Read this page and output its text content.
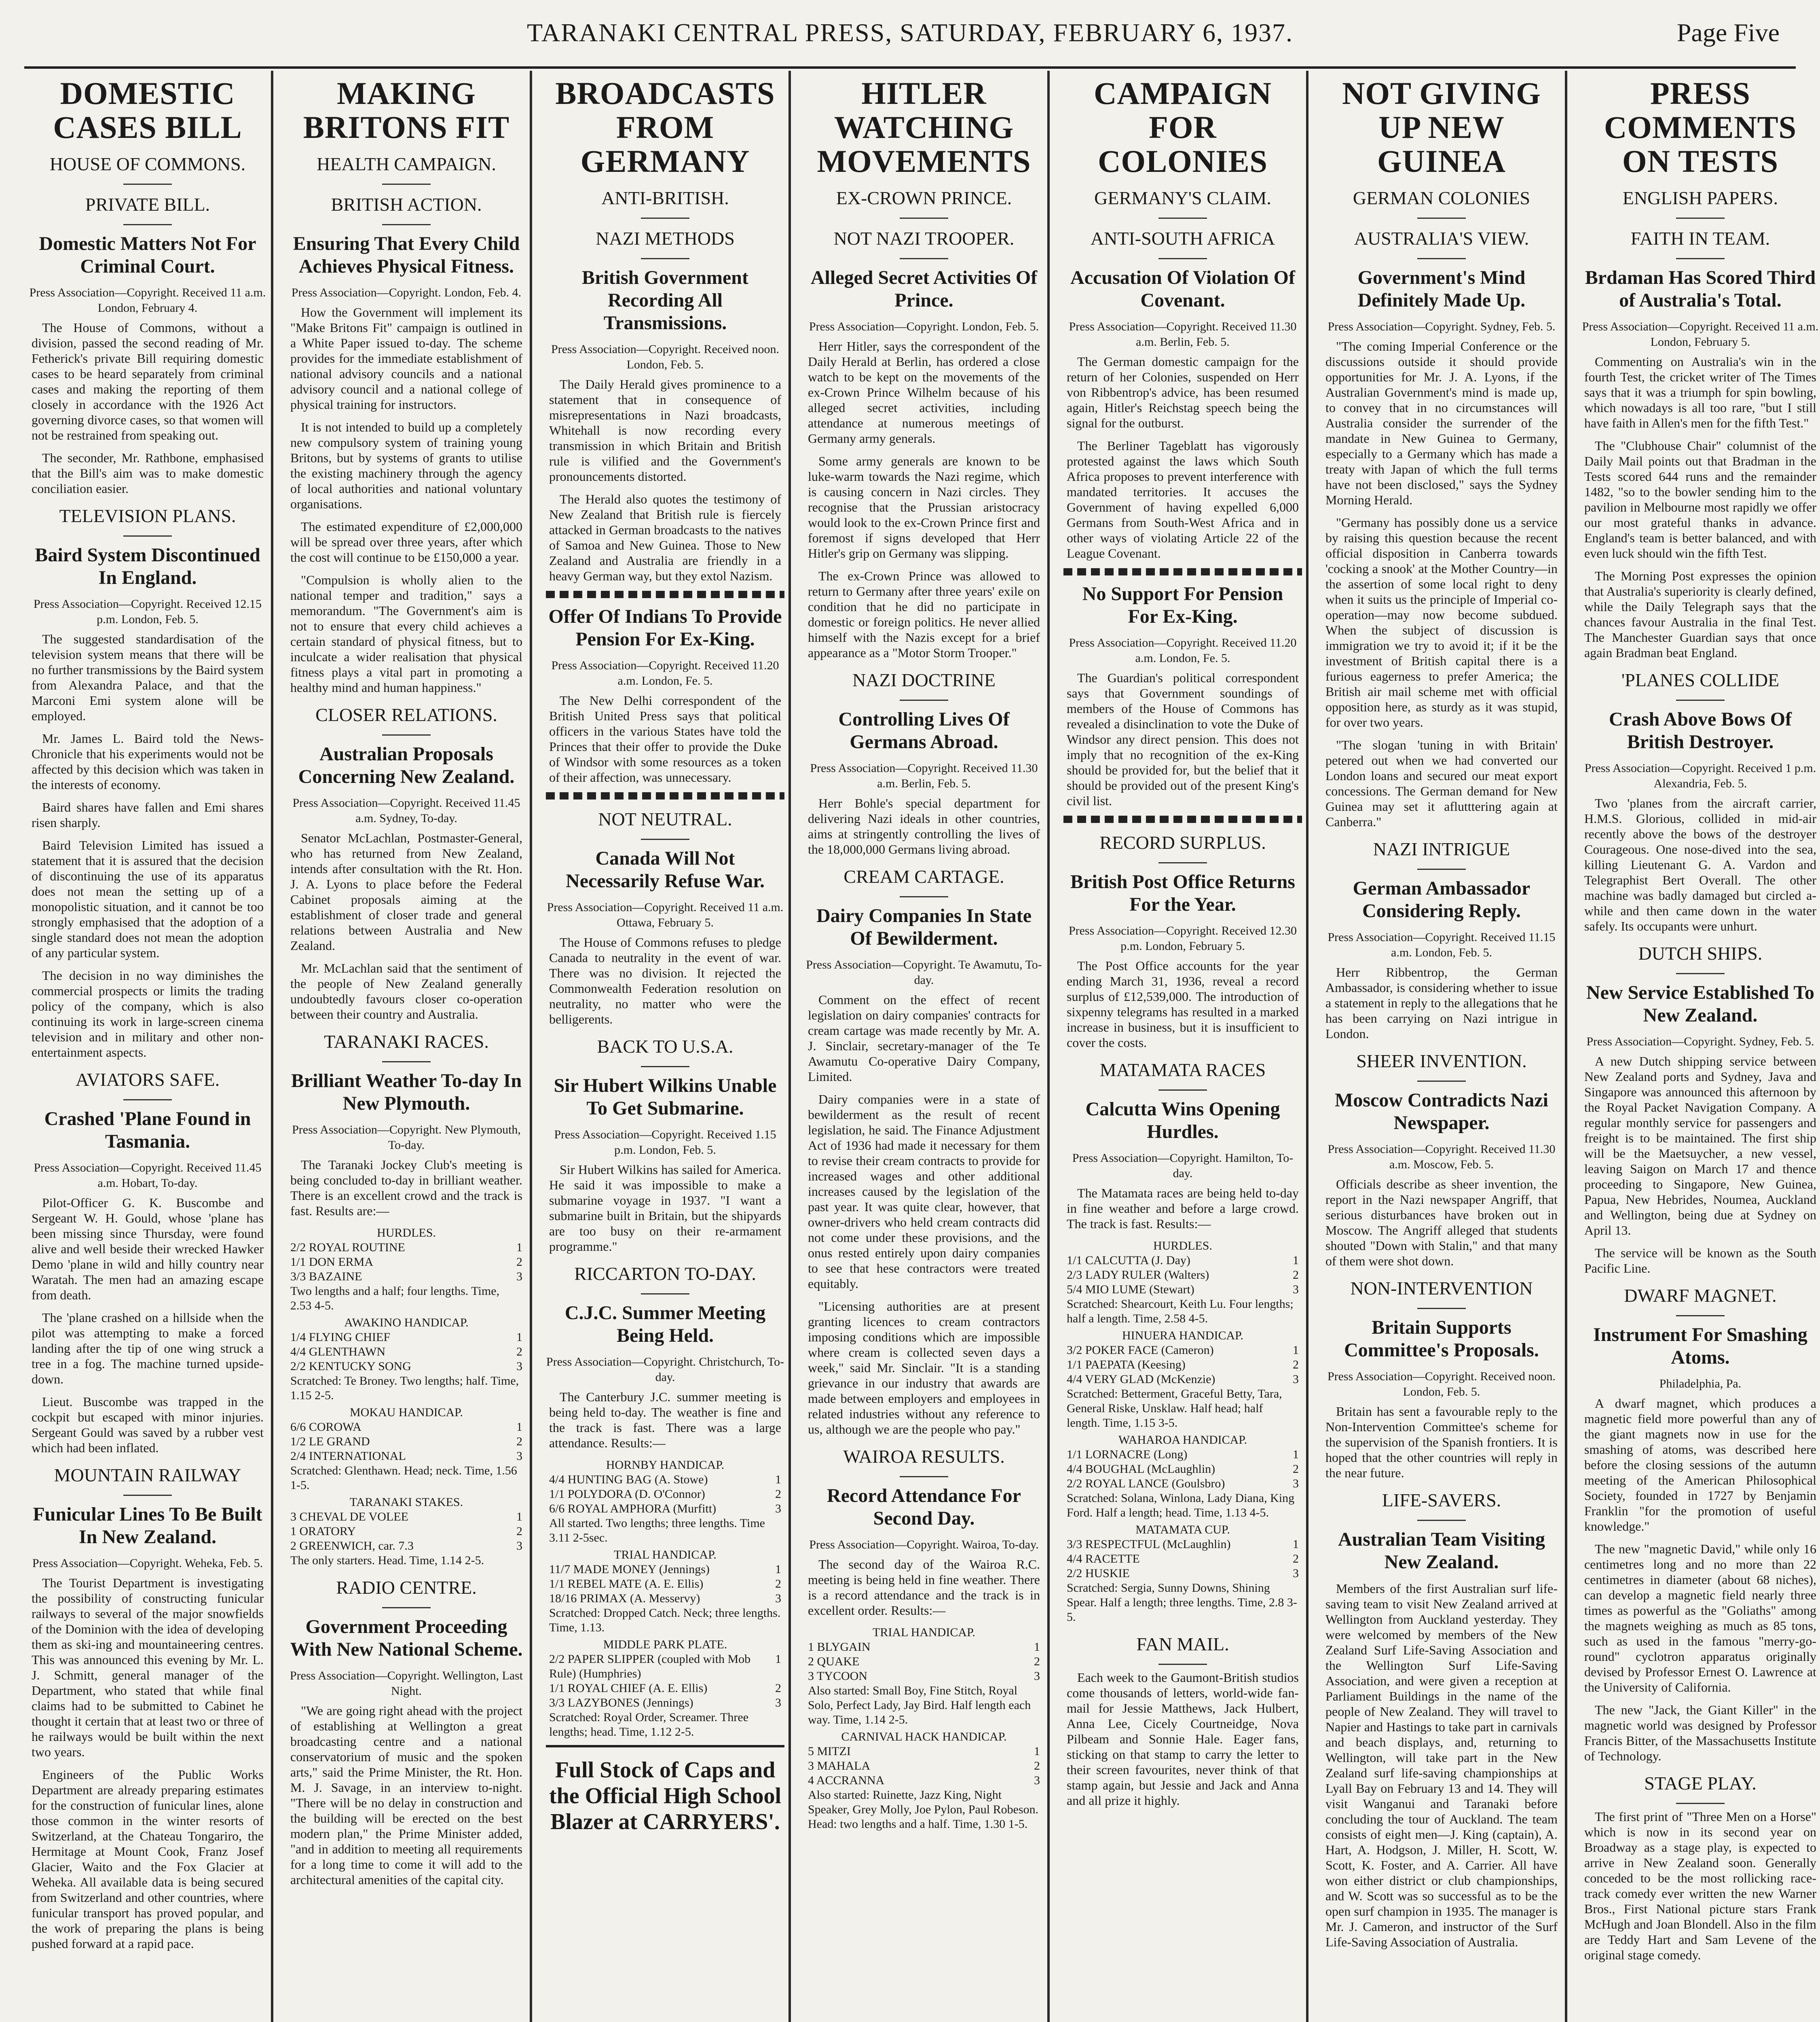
TARANAKI CENTRAL PRESS, SATURDAY, FEBRUARY 6, 1937.	Page Five
DOMESTIC CASES BILL
HOUSE OF COMMONS.
PRIVATE BILL.
Domestic Matters Not For Criminal Court.
Press Association—Copyright. Received 11 a.m. London, February 4.

The House of Commons, without a division, passed the second reading of Mr. Fetherick's private Bill requiring domestic cases to be heard separately from criminal cases and making the reporting of them closely in accordance with the 1926 Act governing divorce cases, so that women will not be restrained from speaking out.

The seconder, Mr. Rathbone, emphasised that the Bill's aim was to make domestic conciliation easier.

TELEVISION PLANS.
Baird System Discontinued In England.
Press Association—Copyright. Received 12.15 p.m. London, Feb. 5.

The suggested standardisation of the television system means that there will be no further transmissions by the Baird system from Alexandra Palace, and that the Marconi Emi system alone will be employed.

Mr. James L. Baird told the News-Chronicle that his experiments would not be affected by this decision which was taken in the interests of economy.

Baird shares have fallen and Emi shares risen sharply.

Baird Television Limited has issued a statement that it is assured that the decision of discontinuing the use of its apparatus does not mean the setting up of a monopolistic situation, and it cannot be too strongly emphasised that the adoption of a single standard does not mean the adoption of any particular system.

The decision in no way diminishes the commercial prospects or limits the trading policy of the company, which is also continuing its work in large-screen cinema television and in military and other non-entertainment aspects.

AVIATORS SAFE.
Crashed 'Plane Found in Tasmania.
Press Association—Copyright. Received 11.45 a.m. Hobart, To-day.

Pilot-Officer G. K. Buscombe and Sergeant W. H. Gould, whose 'plane has been missing since Thursday, were found alive and well beside their wrecked Hawker Demo 'plane in wild and hilly country near Waratah. The men had an amazing escape from death.

The 'plane crashed on a hillside when the pilot was attempting to make a forced landing after the tip of one wing struck a tree in a fog. The machine turned upside-down.

Lieut. Buscombe was trapped in the cockpit but escaped with minor injuries. Sergeant Gould was saved by a rubber vest which had been inflated.

MOUNTAIN RAILWAY
Funicular Lines To Be Built In New Zealand.
Press Association—Copyright. Weheka, Feb. 5.

The Tourist Department is investigating the possibility of constructing funicular railways to several of the major snowfields of the Dominion with the idea of developing them as ski-ing and mountaineering centres. This was announced this evening by Mr. L. J. Schmitt, general manager of the Department, who stated that while final claims had to be submitted to Cabinet he thought it certain that at least two or three of he railways would be built within the next two years.

Engineers of the Public Works Department are already preparing estimates for the construction of funicular lines, alone those common in the winter resorts of Switzerland, at the Chateau Tongariro, the Hermitage at Mount Cook, Franz Josef Glacier, Waito and the Fox Glacier at Weheka. All available data is being secured from Switzerland and other countries, where funicular transport has proved popular, and the work of preparing the plans is being pushed forward at a rapid pace.

MAKING BRITONS FIT
HEALTH CAMPAIGN.
BRITISH ACTION.
Ensuring That Every Child Achieves Physical Fitness.
Press Association—Copyright. London, Feb. 4.

How the Government will implement its "Make Britons Fit" campaign is outlined in a White Paper issued to-day. The scheme provides for the immediate establishment of national advisory councils and a national advisory council and a national college of physical training for instructors.

It is not intended to build up a completely new compulsory system of training young Britons, but by systems of grants to utilise the existing machinery through the agency of local authorities and national voluntary organisations.

The estimated expenditure of £2,000,000 will be spread over three years, after which the cost will continue to be £150,000 a year.

"Compulsion is wholly alien to the national temper and tradition," says a memorandum. "The Government's aim is not to ensure that every child achieves a certain standard of physical fitness, but to inculcate a wider realisation that physical fitness plays a vital part in promoting a healthy mind and human happiness."

CLOSER RELATIONS.
Australian Proposals Concerning New Zealand.
Press Association—Copyright. Received 11.45 a.m. Sydney, To-day.

Senator McLachlan, Postmaster-General, who has returned from New Zealand, intends after consultation with the Rt. Hon. J. A. Lyons to place before the Federal Cabinet proposals aiming at the establishment of closer trade and general relations between Australia and New Zealand.

Mr. McLachlan said that the sentiment of the people of New Zealand generally undoubtedly favours closer co-operation between their country and Australia.

TARANAKI RACES.
Brilliant Weather To-day In New Plymouth.
Press Association—Copyright. New Plymouth, To-day.

The Taranaki Jockey Club's meeting is being concluded to-day in brilliant weather. There is an excellent crowd and the track is fast. Results are:—

HURDLES.
2/2 ROYAL ROUTINE	1
1/1 DON ERMA	2
3/3 BAZAINE	3
Two lengths and a half; four lengths. Time, 2.53 4-5.
AWAKINO HANDICAP.
1/4 FLYING CHIEF	1
4/4 GLENTHAWN	2
2/2 KENTUCKY SONG	3
Scratched: Te Broney. Two lengths; half. Time, 1.15 2-5.
MOKAU HANDICAP.
6/6 COROWA	1
1/2 LE GRAND	2
2/4 INTERNATIONAL	3
Scratched: Glenthawn. Head; neck. Time, 1.56 1-5.
TARANAKI STAKES.
3 CHEVAL DE VOLEE	1
1 ORATORY	2
2 GREENWICH, car. 7.3	3
The only starters. Head. Time, 1.14 2-5.
RADIO CENTRE.
Government Proceeding With New National Scheme.
Press Association—Copyright. Wellington, Last Night.

"We are going right ahead with the project of establishing at Wellington a great broadcasting centre and a national conservatorium of music and the spoken arts," said the Prime Minister, the Rt. Hon. M. J. Savage, in an interview to-night. "There will be no delay in construction and the building will be erected on the best modern plan," the Prime Minister added, "and in addition to meeting all requirements for a long time to come it will add to the architectural amenities of the capital city.

BROADCASTS FROM GERMANY
ANTI-BRITISH.
NAZI METHODS
British Government Recording All Transmissions.
Press Association—Copyright. Received noon. London, Feb. 5.

The Daily Herald gives prominence to a statement that in consequence of misrepresentations in Nazi broadcasts, Whitehall is now recording every transmission in which Britain and British rule is vilified and the Government's pronouncements distorted.

The Herald also quotes the testimony of New Zealand that British rule is fiercely attacked in German broadcasts to the natives of Samoa and New Guinea. Those to New Zealand and Australia are friendly in a heavy German way, but they extol Nazism.

Offer Of Indians To Provide Pension For Ex-King.
Press Association—Copyright. Received 11.20 a.m. London, Fe. 5.

The New Delhi correspondent of the British United Press says that political officers in the various States have told the Princes that their offer to provide the Duke of Windsor with some resources as a token of their affection, was unnecessary.

NOT NEUTRAL.
Canada Will Not Necessarily Refuse War.
Press Association—Copyright. Received 11 a.m. Ottawa, February 5.

The House of Commons refuses to pledge Canada to neutrality in the event of war. There was no division. It rejected the Commonwealth Federation resolution on neutrality, no matter who were the belligerents.

BACK TO U.S.A.
Sir Hubert Wilkins Unable To Get Submarine.
Press Association—Copyright. Received 1.15 p.m. London, Feb. 5.

Sir Hubert Wilkins has sailed for America. He said it was impossible to make a submarine voyage in 1937. "I want a submarine built in Britain, but the shipyards are too busy on their re-armament programme."

RICCARTON TO-DAY.
C.J.C. Summer Meeting Being Held.
Press Association—Copyright. Christchurch, To-day.

The Canterbury J.C. summer meeting is being held to-day. The weather is fine and the track is fast. There was a large attendance. Results:—

HORNBY HANDICAP.
4/4 HUNTING BAG (A. Stowe)	1
1/1 POLYDORA (D. O'Connor)	2
6/6 ROYAL AMPHORA (Murfitt)	3
All started. Two lengths; three lengths. Time 3.11 2-5sec.
TRIAL HANDICAP.
11/7 MADE MONEY (Jennings)	1
1/1 REBEL MATE (A. E. Ellis)	2
18/16 PRIMAX (A. Messervy)	3
Scratched: Dropped Catch. Neck; three lengths. Time, 1.13.
MIDDLE PARK PLATE.
2/2 PAPER SLIPPER (coupled with Mob Rule) (Humphries)
1
1/1 ROYAL CHIEF (A. E. Ellis)	2
3/3 LAZYBONES (Jennings)	3
Scratched: Royal Order, Screamer. Three lengths; head. Time, 1.12 2-5.
Full Stock of Caps and the Official High School Blazer at CARRYERS'.
HITLER WATCHING MOVEMENTS
EX-CROWN PRINCE.
NOT NAZI TROOPER.
Alleged Secret Activities Of Prince.
Press Association—Copyright. London, Feb. 5.

Herr Hitler, says the correspondent of the Daily Herald at Berlin, has ordered a close watch to be kept on the movements of the ex-Crown Prince Wilhelm because of his alleged secret activities, including attendance at numerous meetings of Germany army generals.

Some army generals are known to be luke-warm towards the Nazi regime, which is causing concern in Nazi circles. They recognise that the Prussian aristocracy would look to the ex-Crown Prince first and foremost if signs developed that Herr Hitler's grip on Germany was slipping.

The ex-Crown Prince was allowed to return to Germany after three years' exile on condition that he did no participate in domestic or foreign politics. He never allied himself with the Nazis except for a brief appearance as a "Motor Storm Trooper."

NAZI DOCTRINE
Controlling Lives Of Germans Abroad.
Press Association—Copyright. Received 11.30 a.m. Berlin, Feb. 5.

Herr Bohle's special department for delivering Nazi ideals in other countries, aims at stringently controlling the lives of the 18,000,000 Germans living abroad.

CREAM CARTAGE.
Dairy Companies In State Of Bewilderment.
Press Association—Copyright. Te Awamutu, To-day.

Comment on the effect of recent legislation on dairy companies' contracts for cream cartage was made recently by Mr. A. J. Sinclair, secretary-manager of the Te Awamutu Co-operative Dairy Company, Limited.

Dairy companies were in a state of bewilderment as the result of recent legislation, he said. The Finance Adjustment Act of 1936 had made it necessary for them to revise their cream contracts to provide for increased wages and other additional increases caused by the legislation of the past year. It was quite clear, however, that owner-drivers who held cream contracts did not come under these provisions, and the onus rested entirely upon dairy companies to see that hese contractors were treated equitably.

"Licensing authorities are at present granting licences to cream contractors imposing conditions which are impossible where cream is collected seven days a week," said Mr. Sinclair. "It is a standing grievance in our industry that awards are made between employers and employees in related industries without any reference to us, although we are the people who pay."

WAIROA RESULTS.
Record Attendance For Second Day.
Press Association—Copyright. Wairoa, To-day.

The second day of the Wairoa R.C. meeting is being held in fine weather. There is a record attendance and the track is in excellent order. Results:—

TRIAL HANDICAP.
1 BLYGAIN	1
2 QUAKE	2
3 TYCOON	3
Also started: Small Boy, Fine Stitch, Royal Solo, Perfect Lady, Jay Bird. Half length each way. Time, 1.14 2-5.
CARNIVAL HACK HANDICAP.
5 MITZI	1
3 MAHALA	2
4 ACCRANNA	3
Also started: Ruinette, Jazz King, Night Speaker, Grey Molly, Joe Pylon, Paul Robeson. Head: two lengths and a half. Time, 1.30 1-5.
CAMPAIGN FOR COLONIES
GERMANY'S CLAIM.
ANTI-SOUTH AFRICA
Accusation Of Violation Of Covenant.
Press Association—Copyright. Received 11.30 a.m. Berlin, Feb. 5.

The German domestic campaign for the return of her Colonies, suspended on Herr von Ribbentrop's advice, has been resumed again, Hitler's Reichstag speech being the signal for the outburst.

The Berliner Tageblatt has vigorously protested against the laws which South Africa proposes to prevent interference with mandated territories. It accuses the Government of having expelled 6,000 Germans from South-West Africa and in other ways of violating Article 22 of the League Covenant.

No Support For Pension For Ex-King.
Press Association—Copyright. Received 11.20 a.m. London, Fe. 5.

The Guardian's political correspondent says that Government soundings of members of the House of Commons has revealed a disinclination to vote the Duke of Windsor any direct pension. This does not imply that no recognition of the ex-King should be provided for, but the belief that it should be provided out of the present King's civil list.

RECORD SURPLUS.
British Post Office Returns For the Year.
Press Association—Copyright. Received 12.30 p.m. London, February 5.

The Post Office accounts for the year ending March 31, 1936, reveal a record surplus of £12,539,000. The introduction of sixpenny telegrams has resulted in a marked increase in business, but it is insufficient to cover the costs.

MATAMATA RACES
Calcutta Wins Opening Hurdles.
Press Association—Copyright. Hamilton, To-day.

The Matamata races are being held to-day in fine weather and before a large crowd. The track is fast. Results:—

HURDLES.
1/1 CALCUTTA (J. Day)	1
2/3 LADY RULER (Walters)	2
5/4 MIO LUME (Stewart)	3
Scratched: Shearcourt, Keith Lu. Four lengths; half a length. Time, 2.58 4-5.
HINUERA HANDICAP.
3/2 POKER FACE (Cameron)	1
1/1 PAEPATA (Keesing)	2
4/4 VERY GLAD (McKenzie)	3
Scratched: Betterment, Graceful Betty, Tara, General Riske, Unsklaw. Half head; half length. Time, 1.15 3-5.
WAHAROA HANDICAP.
1/1 LORNACRE (Long)	1
4/4 BOUGHAL (McLaughlin)	2
2/2 ROYAL LANCE (Goulsbro)	3
Scratched: Solana, Winlona, Lady Diana, King Ford. Half a length; head. Time, 1.13 4-5.
MATAMATA CUP.
3/3 RESPECTFUL (McLaughlin)	1
4/4 RACETTE	2
2/2 HUSKIE	3
Scratched: Sergia, Sunny Downs, Shining Spear. Half a length; three lengths. Time, 2.8 3-5.
FAN MAIL.

Each week to the Gaumont-British studios come thousands of letters, world-wide fan-mail for Jessie Matthews, Jack Hulbert, Anna Lee, Cicely Courtneidge, Nova Pilbeam and Sonnie Hale. Eager fans, sticking on that stamp to carry the letter to their screen favourites, never think of that stamp again, but Jessie and Jack and Anna and all prize it highly.

NOT GIVING UP NEW GUINEA
GERMAN COLONIES
AUSTRALIA'S VIEW.
Government's Mind Definitely Made Up.
Press Association—Copyright. Sydney, Feb. 5.

"The coming Imperial Conference or the discussions outside it should provide opportunities for Mr. J. A. Lyons, if the Australian Government's mind is made up, to convey that in no circumstances will Australia consider the surrender of the mandate in New Guinea to Germany, especially to a Germany which has made a treaty with Japan of which the full terms have not been disclosed," says the Sydney Morning Herald.

"Germany has possibly done us a service by raising this question because the recent official disposition in Canberra towards 'cocking a snook' at the Mother Country—in the assertion of some local right to deny when it suits us the principle of Imperial co-operation—may now become subdued. When the subject of discussion is immigration we try to avoid it; if it be the investment of British capital there is a furious eagerness to prefer America; the British air mail scheme met with official opposition here, as sturdy as it was stupid, for over two years.

"The slogan 'tuning in with Britain' petered out when we had converted our London loans and secured our meat export concessions. The German demand for New Guinea may set it aflutttering again at Canberra."

NAZI INTRIGUE
German Ambassador Considering Reply.
Press Association—Copyright. Received 11.15 a.m. London, Feb. 5.

Herr Ribbentrop, the German Ambassador, is considering whether to issue a statement in reply to the allegations that he has been carrying on Nazi intrigue in London.

SHEER INVENTION.
Moscow Contradicts Nazi Newspaper.
Press Association—Copyright. Received 11.30 a.m. Moscow, Feb. 5.

Officials describe as sheer invention, the report in the Nazi newspaper Angriff, that serious disturbances have broken out in Moscow. The Angriff alleged that students shouted "Down with Stalin," and that many of them were shot down.

NON-INTERVENTION
Britain Supports Committee's Proposals.
Press Association—Copyright. Received noon. London, Feb. 5.

Britain has sent a favourable reply to the Non-Intervention Committee's scheme for the supervision of the Spanish frontiers. It is hoped that the other countries will reply in the near future.

LIFE-SAVERS.
Australian Team Visiting New Zealand.

Members of the first Australian surf life-saving team to visit New Zealand arrived at Wellington from Auckland yesterday. They were welcomed by members of the New Zealand Surf Life-Saving Association and the Wellington Surf Life-Saving Association, and were given a reception at Parliament Buildings in the name of the people of New Zealand. They will travel to Napier and Hastings to take part in carnivals and beach displays, and, returning to Wellington, will take part in the New Zealand surf life-saving championships at Lyall Bay on February 13 and 14. They will visit Wanganui and Taranaki before concluding the tour of Auckland. The team consists of eight men—J. King (captain), A. Hart, A. Hodgson, J. Miller, H. Scott, W. Scott, K. Foster, and A. Carrier. All have won either district or club championships, and W. Scott was so successful as to be the open surf champion in 1935. The manager is Mr. J. Cameron, and instructor of the Surf Life-Saving Association of Australia.

PRESS COMMENTS ON TESTS
ENGLISH PAPERS.
FAITH IN TEAM.
Brdaman Has Scored Third of Australia's Total.
Press Association—Copyright. Received 11 a.m. London, February 5.

Commenting on Australia's win in the fourth Test, the cricket writer of The Times says that it was a triumph for spin bowling, which nowadays is all too rare, "but I still have faith in Allen's men for the fifth Test."

The "Clubhouse Chair" columnist of the Daily Mail points out that Bradman in the Tests scored 644 runs and the remainder 1482, "so to the bowler sending him to the pavilion in Melbourne most rapidly we offer our most grateful thanks in advance. England's team is better balanced, and with even luck should win the fifth Test.

The Morning Post expresses the opinion that Australia's superiority is clearly defined, while the Daily Telegraph says that the chances favour Australia in the final Test. The Manchester Guardian says that once again Bradman beat England.

'PLANES COLLIDE
Crash Above Bows Of British Destroyer.
Press Association—Copyright. Received 1 p.m. Alexandria, Feb. 5.

Two 'planes from the aircraft carrier, H.M.S. Glorious, collided in mid-air recently above the bows of the destroyer Courageous. One nose-dived into the sea, killing Lieutenant G. A. Vardon and Telegraphist Bert Overall. The other machine was badly damaged but circled a-while and then came down in the water safely. Its occupants were unhurt.

DUTCH SHIPS.
New Service Established To New Zealand.
Press Association—Copyright. Sydney, Feb. 5.

A new Dutch shipping service between New Zealand ports and Sydney, Java and Singapore was announced this afternoon by the Royal Packet Navigation Company. A regular monthly service for passengers and freight is to be maintained. The first ship will be the Maetsuycher, a new vessel, leaving Saigon on March 17 and thence proceeding to Singapore, New Guinea, Papua, New Hebrides, Noumea, Auckland and Wellington, being due at Sydney on April 13.

The service will be known as the South Pacific Line.

DWARF MAGNET.
Instrument For Smashing Atoms.
Philadelphia, Pa.

A dwarf magnet, which produces a magnetic field more powerful than any of the giant magnets now in use for the smashing of atoms, was described here before the closing sessions of the autumn meeting of the American Philosophical Society, founded in 1727 by Benjamin Franklin "for the promotion of useful knowledge."

The new "magnetic David," while only 16 centimetres long and no more than 22 centimetres in diameter (about 68 niches), can develop a magnetic field nearly three times as powerful as the "Goliaths" among the magnets weighing as much as 85 tons, such as used in the famous "merry-go-round" cyclotron apparatus originally devised by Professor Ernest O. Lawrence at the University of California.

The new "Jack, the Giant Killer" in the magnetic world was designed by Professor Francis Bitter, of the Massachusetts Institute of Technology.

STAGE PLAY.

The first print of "Three Men on a Horse" which is now in its second year on Broadway as a stage play, is expected to arrive in New Zealand soon. Generally conceded to be the most rollicking race-track comedy ever written the new Warner Bros., First National picture stars Frank McHugh and Joan Blondell. Also in the film are Teddy Hart and Sam Levene of the original stage comedy.
